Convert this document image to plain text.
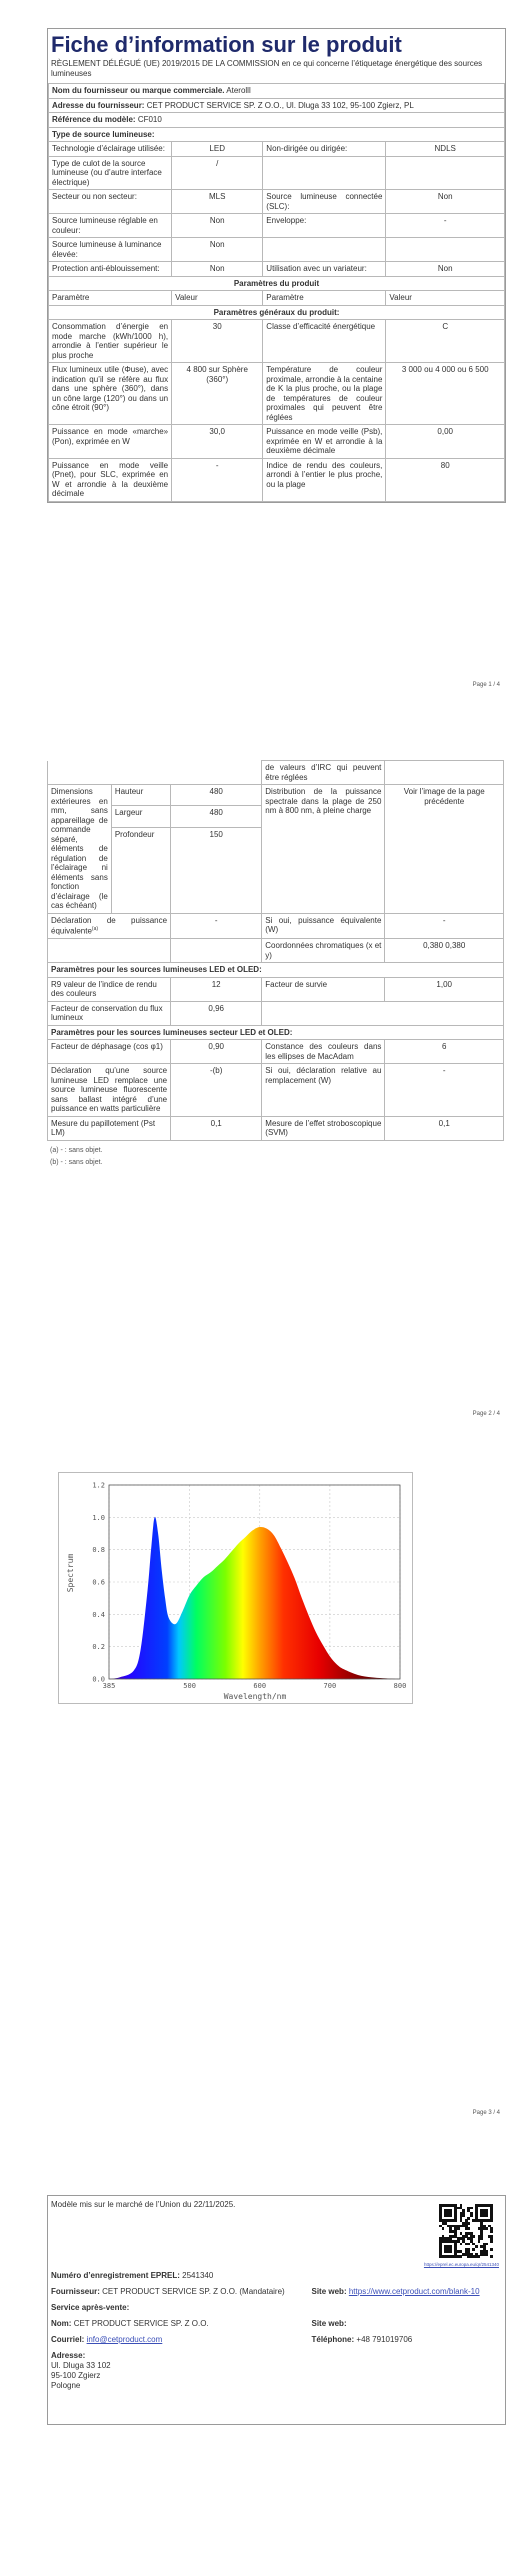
Fiche d’information sur le produit
RÈGLEMENT DÉLÉGUÉ (UE) 2019/2015 DE LA COMMISSION en ce qui concerne l’étiquetage énergétique des sources lumineuses
Nom du fournisseur ou marque commerciale. Aterolll			
Adresse du fournisseur: CET PRODUCT SERVICE SP. Z O.O., Ul. Dluga 33 102, 95-100 Zgierz, PL			
Référence du modèle: CF010			
Type de source lumineuse:			
Technologie d’éclairage utilisée:	LED	Non-dirigée ou dirigée:	NDLS
Type de culot de la source lumineuse (ou d’autre interface électrique)	/		
Secteur ou non secteur:	MLS	Source lumineuse connectée (SLC):	Non
Source lumineuse réglable en couleur:	Non	Enveloppe:	-
Source lumineuse à luminance élevée:	Non		
Protection anti-éblouissement:	Non	Utilisation avec un variateur:	Non
Paramètres du produit			
Paramètre	Valeur	Paramètre	Valeur
Paramètres généraux du produit:			
Consommation d’énergie en mode marche (kWh/1000 h), arrondie à l’entier supérieur le plus proche	30	Classe d’efficacité énergétique	C
Flux lumineux utile (Φuse), avec indication qu’il se réfère au flux dans une sphère (360°), dans un cône large (120°) ou dans un cône étroit (90°)	4 800 sur Sphère (360°)	Température de couleur proximale, arrondie à la centaine de K la plus proche, ou la plage de températures de couleur proximales qui peuvent être réglées	3 000 ou 4 000 ou 6 500
Puissance en mode «marche» (Pon), exprimée en W	30,0	Puissance en mode veille (Psb), exprimée en W et arrondie à la deuxième décimale	0,00
Puissance en mode veille (Pnet), pour SLC, exprimée en W et arrondie à la deuxième décimale	-	Indice de rendu des couleurs, arrondi à l’entier le plus proche, ou la plage	80
Page 1 / 4
			de valeurs d’IRC qui peuvent être réglées	
Dimensions extérieures en mm, sans appareillage de commande séparé, éléments de régulation de l’éclairage ni éléments sans fonction d’éclairage (le cas échéant)	Hauteur	480	Distribution de la puissance spectrale dans la plage de 250 nm à 800 nm, à pleine charge	Voir l’image de la page précédente
	Largeur	480		
	Profondeur	150		
Déclaration de puissance équivalente$^{(a)}$		-	Si oui, puissance équivalente (W)	-
			Coordonnées chromatiques (x et y)	0,380 0,380
Paramètres pour les sources lumineuses LED et OLED:				
R9 valeur de l’indice de rendu des couleurs		12	Facteur de survie	1,00
Facteur de conservation du flux lumineux		0,96		
Paramètres pour les sources lumineuses secteur LED et OLED:				
Facteur de déphasage (cos φ1)		0,90	Constance des couleurs dans les ellipses de MacAdam	6
Déclaration qu’une source lumineuse LED remplace une source lumineuse fluorescente sans ballast intégré d’une puissance en watts particulière		-(b)	Si oui, déclaration relative au remplacement (W)	-
Mesure du papillotement (Pst LM)		0,1	Mesure de l’effet stroboscopique (SVM)	0,1
(a) - : sans objet.
(b) - : sans objet.
Page 2 / 4
0.0
0.2
0.4
0.6
0.8
1.0
1.2
385	500	600	700	800
Wavelength/nm
Spectrum
Page 3 / 4
Modèle mis sur le marché de l’Union du 22/11/2025.
https://eprel.ec.europa.eu/qr/2541340
Numéro d’enregistrement EPREL: 2541340	
Fournisseur: CET PRODUCT SERVICE SP. Z O.O. (Mandataire)	Site web: https://www.cetproduct.com/blank-10
Service après-vente:	
Nom: CET PRODUCT SERVICE SP. Z O.O.	Site web:
Courriel: info@cetproduct.com	Téléphone: +48 791019706

Adresse:
Ul. Dluga 33 102
95-100 Zgierz
Pologne	
